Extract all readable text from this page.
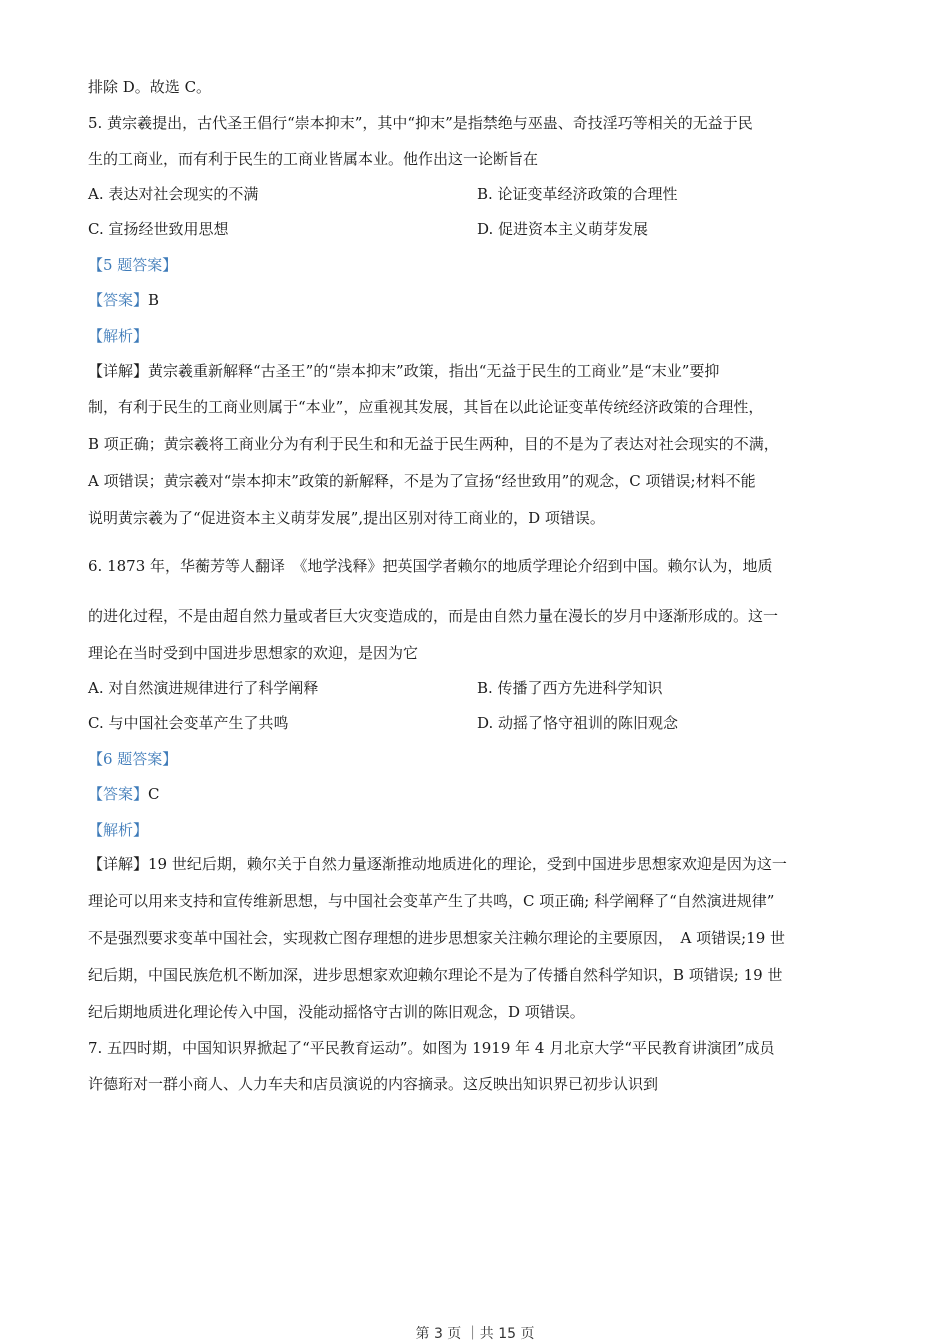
排除 D。故选 C。
5. 黄宗羲提出，古代圣王倡行“崇本抑末”，其中“抑末”是指禁绝与巫蛊、奇技淫巧等相关的无益于民
生的工商业，而有利于民生的工商业皆属本业。他作出这一论断旨在
A. 表达对社会现实的不满	B. 论证变革经济政策的合理性
C. 宣扬经世致用思想	D. 促进资本主义萌芽发展
【5 题答案】
【答案】B
【解析】
【详解】黄宗羲重新解释“古圣王”的“崇本抑末”政策，指出“无益于民生的工商业”是“末业”要抑
制，有利于民生的工商业则属于“本业”，应重视其发展，其旨在以此论证变革传统经济政策的合理性，
B 项正确；黄宗羲将工商业分为有利于民生和和无益于民生两种，目的不是为了表达对社会现实的不满，
A 项错误；黄宗羲对“崇本抑末”政策的新解释，不是为了宣扬“经世致用”的观念，C 项错误;材料不能
说明黄宗羲为了“促进资本主义萌芽发展”,提出区别对待工商业的，D 项错误。
6. 1873 年，华蘅芳等人翻译　《地学浅释》把英国学者赖尔的地质学理论介绍到中国。赖尔认为，地质
的进化过程，不是由超自然力量或者巨大灾变造成的，而是由自然力量在漫长的岁月中逐渐形成的。这一
理论在当时受到中国进步思想家的欢迎，是因为它
A. 对自然演进规律进行了科学阐释	B. 传播了西方先进科学知识
C. 与中国社会变革产生了共鸣	D. 动摇了恪守祖训的陈旧观念
【6 题答案】
【答案】C
【解析】
【详解】19 世纪后期，赖尔关于自然力量逐渐推动地质进化的理论，受到中国进步思想家欢迎是因为这一
理论可以用来支持和宣传维新思想，与中国社会变革产生了共鸣，C 项正确; 科学阐释了“自然演进规律”
不是强烈要求变革中国社会，实现救亡图存理想的进步思想家关注赖尔理论的主要原因，　A 项错误;19 世
纪后期，中国民族危机不断加深，进步思想家欢迎赖尔理论不是为了传播自然科学知识，B 项错误; 19 世
纪后期地质进化理论传入中国，没能动摇恪守古训的陈旧观念，D 项错误。
7. 五四时期，中国知识界掀起了“平民教育运动”。如图为 1919 年 4 月北京大学“平民教育讲演团”成员
许德珩对一群小商人、人力车夫和店员演说的内容摘录。这反映出知识界已初步认识到
第 3 页 ｜共 15 页
